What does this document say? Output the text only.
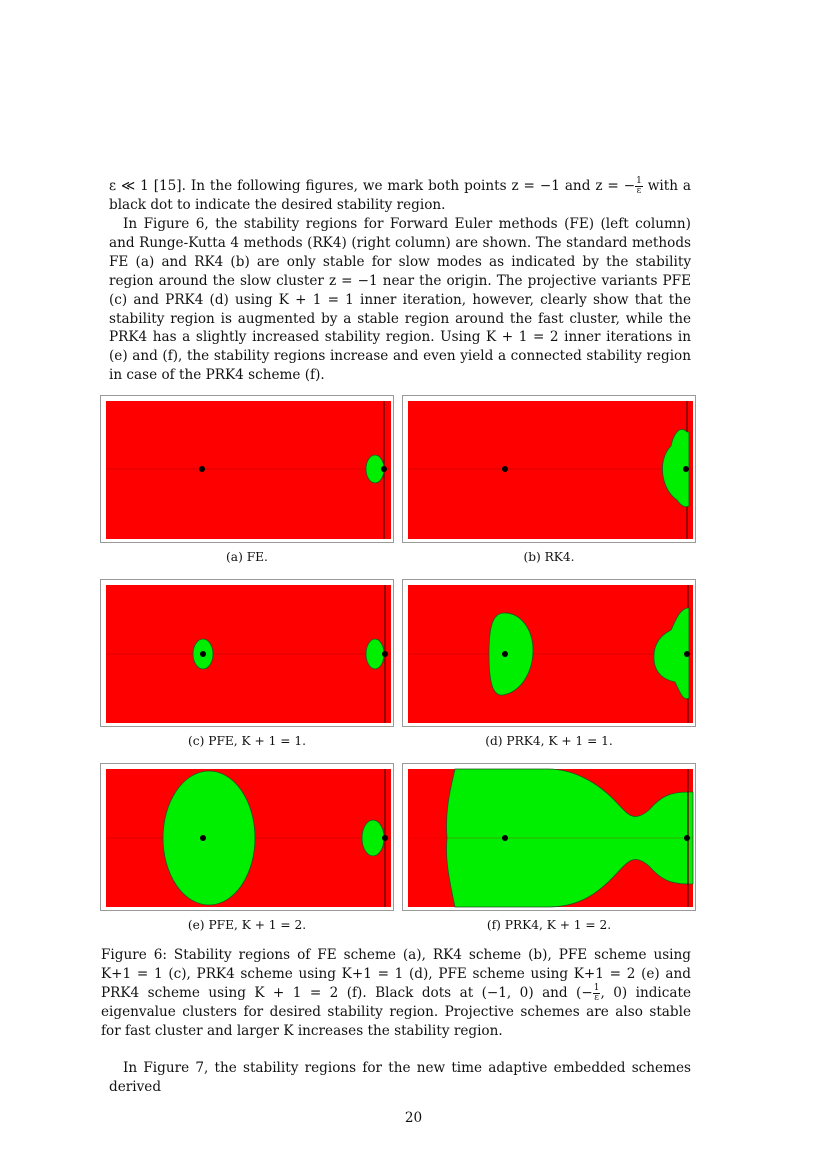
ε ≪ 1 [15]. In the following figures, we mark both points z = −1 and z = − $\frac{1}{\varepsilon}$ with a black dot to indicate the desired stability region.

In Figure 6, the stability regions for Forward Euler methods (FE) (left column) and Runge-Kutta 4 methods (RK4) (right column) are shown. The standard methods FE (a) and RK4 (b) are only stable for slow modes as indicated by the stability region around the slow cluster z = −1 near the origin. The projective variants PFE (c) and PRK4 (d) using K + 1 = 1 inner iteration, however, clearly show that the stability region is augmented by a stable region around the fast cluster, while the PRK4 has a slightly increased stability region. Using K + 1 = 2 inner iterations in (e) and (f), the stability regions increase and even yield a connected stability region in case of the PRK4 scheme (f).

(a) FE.	(b) RK4.
(c) PFE, K + 1 = 1.	(d) PRK4, K + 1 = 1.
(e) PFE, K + 1 = 2.	(f) PRK4, K + 1 = 2.

Figure 6: Stability regions of FE scheme (a), RK4 scheme (b), PFE scheme using K+1 = 1 (c), PRK4 scheme using K+1 = 1 (d), PFE scheme using K+1 = 2 (e) and PRK4 scheme using K + 1 = 2 (f). Black dots at (−1, 0) and (− $\frac{1}{\varepsilon}$ , 0) indicate eigenvalue clusters for desired stability region. Projective schemes are also stable for fast cluster and larger K increases the stability region.

In Figure 7, the stability regions for the new time adaptive embedded schemes derived

20
